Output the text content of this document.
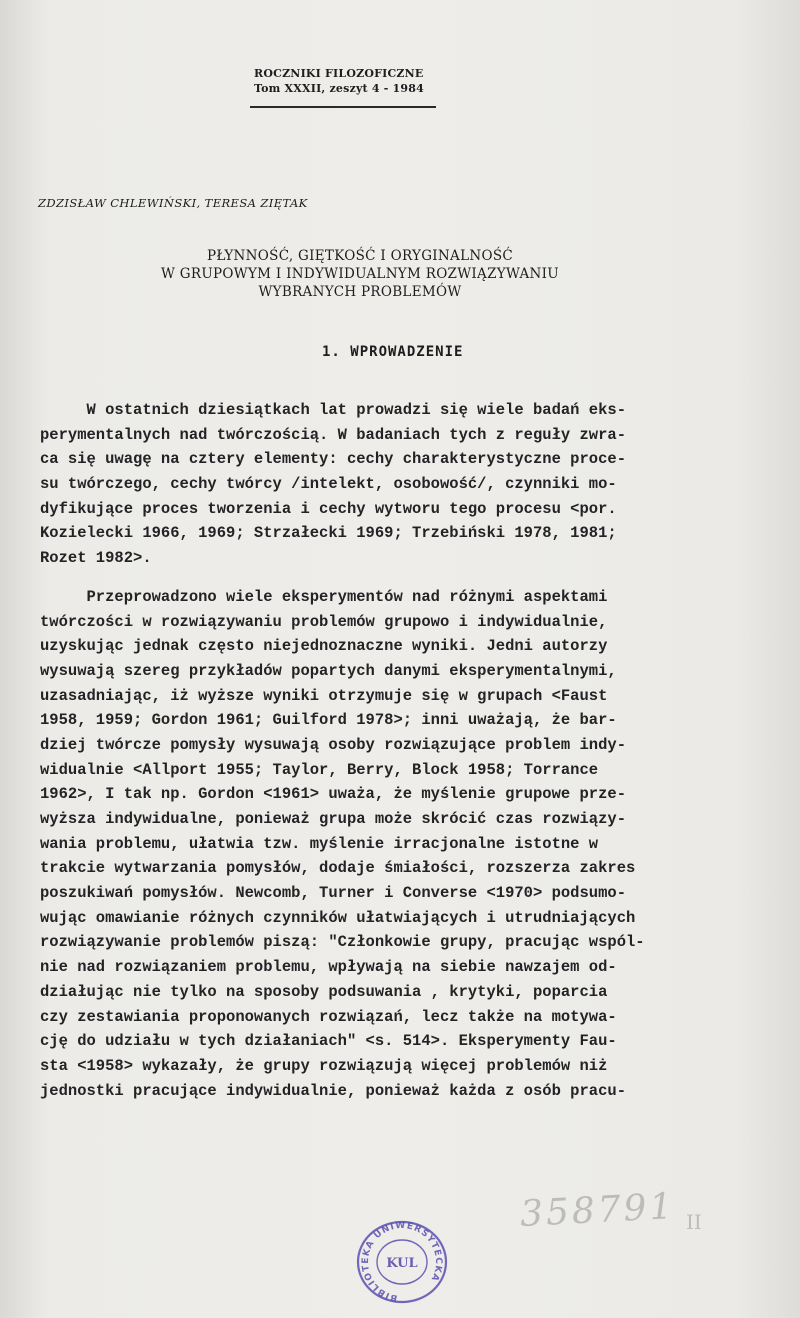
ROCZNIKI FILOZOFICZNE
Tom XXXII, zeszyt 4 - 1984
ZDZISŁAW CHLEWIŃSKI, TERESA ZIĘTAK
PŁYNNOŚĆ, GIĘTKOŚĆ I ORYGINALNOŚĆ
W GRUPOWYM I INDYWIDUALNYM ROZWIĄZYWANIU
WYBRANYCH PROBLEMÓW
1. WPROWADZENIE
W ostatnich dziesiątkach lat prowadzi się wiele badań eks-
perymentalnych nad twórczością. W badaniach tych z reguły zwra-
ca się uwagę na cztery elementy: cechy charakterystyczne proce-
su twórczego, cechy twórcy /intelekt, osobowość/, czynniki mo-
dyfikujące proces tworzenia i cechy wytworu tego procesu <por.
Kozielecki 1966, 1969; Strzałecki 1969; Trzebiński 1978, 1981;
Rozet 1982>.
Przeprowadzono wiele eksperymentów nad różnymi aspektami
twórczości w rozwiązywaniu problemów grupowo i indywidualnie,
uzyskując jednak często niejednoznaczne wyniki. Jedni autorzy
wysuwają szereg przykładów popartych danymi eksperymentalnymi,
uzasadniając, iż wyższe wyniki otrzymuje się w grupach <Faust
1958, 1959; Gordon 1961; Guilford 1978>; inni uważają, że bar-
dziej twórcze pomysły wysuwają osoby rozwiązujące problem indy-
widualnie <Allport 1955; Taylor, Berry, Block 1958; Torrance
1962>, I tak np. Gordon <1961> uważa, że myślenie grupowe prze-
wyższa indywidualne, ponieważ grupa może skrócić czas rozwiązy-
wania problemu, ułatwia tzw. myślenie irracjonalne istotne w
trakcie wytwarzania pomysłów, dodaje śmiałości, rozszerza zakres
poszukiwań pomysłów. Newcomb, Turner i Converse <1970> podsumo-
wując omawianie różnych czynników ułatwiających i utrudniających
rozwiązywanie problemów piszą: "Członkowie grupy, pracując wspól-
nie nad rozwiązaniem problemu, wpływają na siebie nawzajem od-
działując nie tylko na sposoby podsuwania , krytyki, poparcia
czy zestawiania proponowanych rozwiązań, lecz także na motywa-
cję do udziału w tych działaniach" <s. 514>. Eksperymenty Fau-
sta <1958> wykazały, że grupy rozwiązują więcej problemów niż
jednostki pracujące indywidualnie, ponieważ każda z osób pracu-
358791 II
BIBLIOTEKA UNIWERSYTECKA
KUL
